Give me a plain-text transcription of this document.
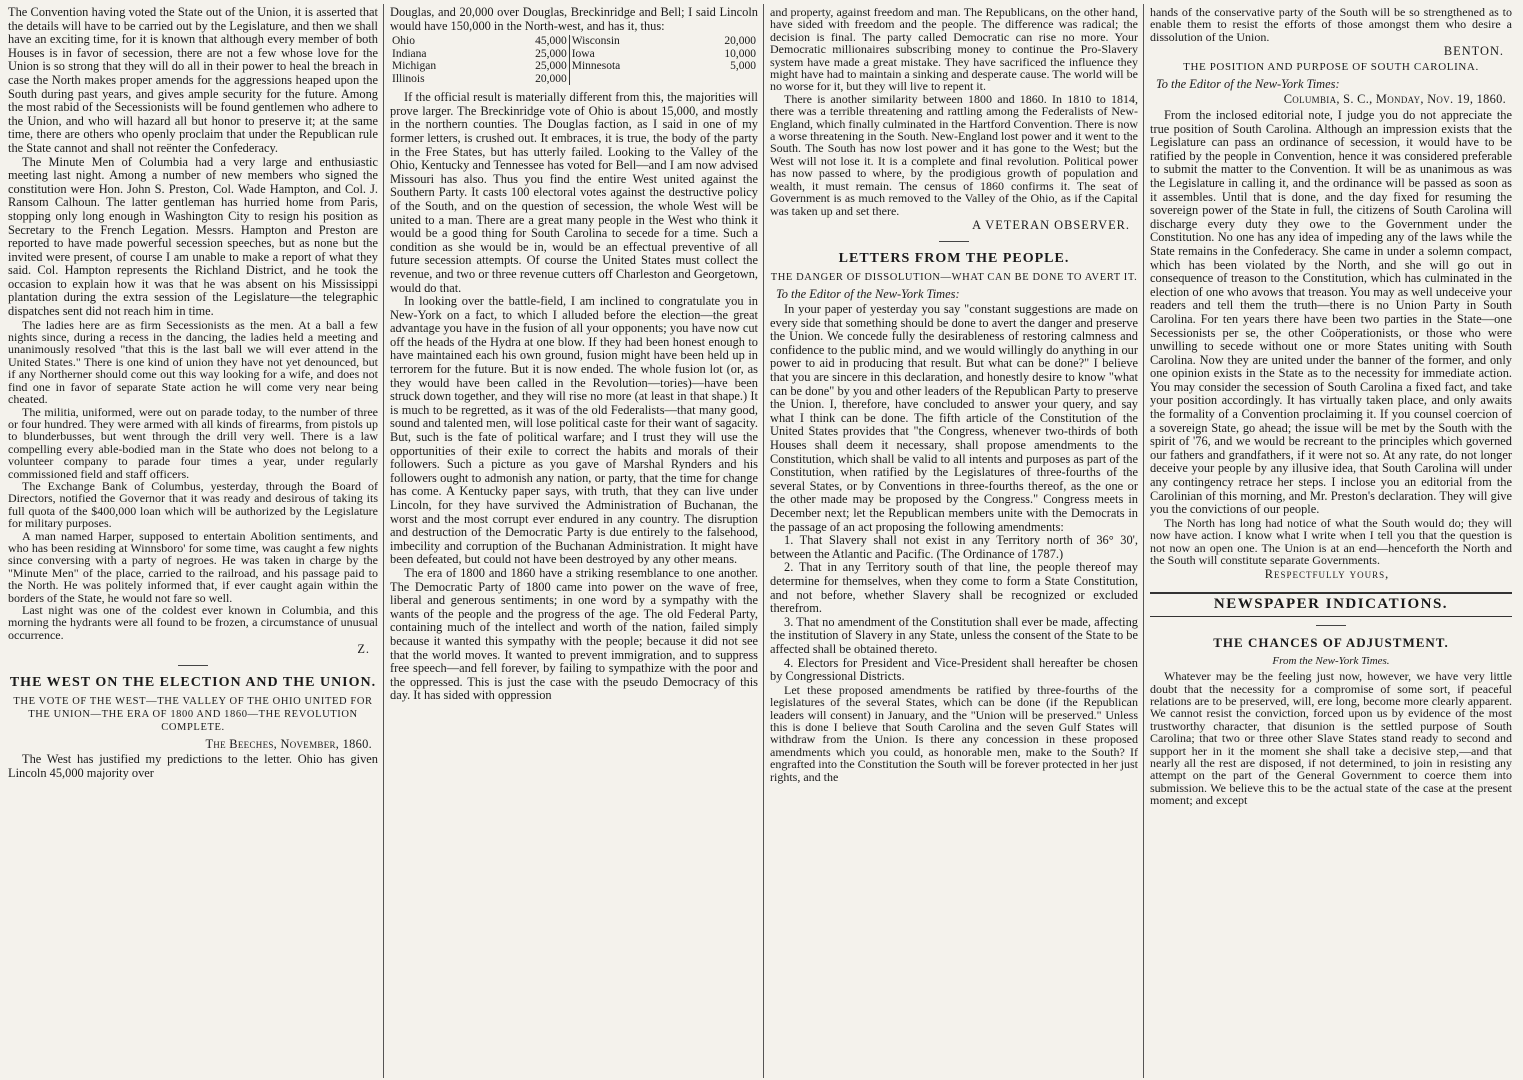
The Convention having voted the State out of the Union, it is asserted that the details will have to be carried out by the Legislature, and then we shall have an exciting time, for it is known that although every member of both Houses is in favor of secession, there are not a few whose love for the Union is so strong that they will do all in their power to heal the breach in case the North makes proper amends for the aggressions heaped upon the South during past years, and gives ample security for the future. Among the most rabid of the Secessionists will be found gentlemen who adhere to the Union, and who will hazard all but honor to preserve it; at the same time, there are others who openly proclaim that under the Republican rule the State cannot and shall not reënter the Confederacy.

The Minute Men of Columbia had a very large and enthusiastic meeting last night. Among a number of new members who signed the constitution were Hon. John S. Preston, Col. Wade Hampton, and Col. J. Ransom Calhoun. The latter gentleman has hurried home from Paris, stopping only long enough in Washington City to resign his position as Secretary to the French Legation. Messrs. Hampton and Preston are reported to have made powerful secession speeches, but as none but the invited were present, of course I am unable to make a report of what they said. Col. Hampton represents the Richland District, and he took the occasion to explain how it was that he was absent on his Mississippi plantation during the extra session of the Legislature—the telegraphic dispatches sent did not reach him in time.

The ladies here are as firm Secessionists as the men. At a ball a few nights since, during a recess in the dancing, the ladies held a meeting and unanimously resolved "that this is the last ball we will ever attend in the United States." There is one kind of union they have not yet denounced, but if any Northerner should come out this way looking for a wife, and does not find one in favor of separate State action he will come very near being cheated.

The militia, uniformed, were out on parade today, to the number of three or four hundred. They were armed with all kinds of firearms, from pistols up to blunderbusses, but went through the drill very well. There is a law compelling every able-bodied man in the State who does not belong to a volunteer company to parade four times a year, under regularly commissioned field and staff officers.

The Exchange Bank of Columbus, yesterday, through the Board of Directors, notified the Governor that it was ready and desirous of taking its full quota of the $400,000 loan which will be authorized by the Legislature for military purposes.

A man named Harper, supposed to entertain Abolition sentiments, and who has been residing at Winnsboro' for some time, was caught a few nights since conversing with a party of negroes. He was taken in charge by the "Minute Men" of the place, carried to the railroad, and his passage paid to the North. He was politely informed that, if ever caught again within the borders of the State, he would not fare so well.

Last night was one of the coldest ever known in Columbia, and this morning the hydrants were all found to be frozen, a circumstance of unusual occurrence.

Z.
THE WEST ON THE ELECTION AND THE UNION.
THE VOTE OF THE WEST—THE VALLEY OF THE OHIO UNITED FOR THE UNION—THE ERA OF 1800 AND 1860—THE REVOLUTION COMPLETE.
The Beeches, November, 1860.

The West has justified my predictions to the letter. Ohio has given Lincoln 45,000 majority over

Douglas, and 20,000 over Douglas, Breckinridge and Bell; I said Lincoln would have 150,000 in the North-west, and has it, thus:

Ohio	45,000	Wisconsin	20,000
Indiana	25,000	Iowa	10,000
Michigan	25,000	Minnesota	5,000
Illinois	20,000		

If the official result is materially different from this, the majorities will prove larger. The Breckinridge vote of Ohio is about 15,000, and mostly in the northern counties. The Douglas faction, as I said in one of my former letters, is crushed out. It embraces, it is true, the body of the party in the Free States, but has utterly failed. Looking to the Valley of the Ohio, Kentucky and Tennessee has voted for Bell—and I am now advised Missouri has also. Thus you find the entire West united against the Southern Party. It casts 100 electoral votes against the destructive policy of the South, and on the question of secession, the whole West will be united to a man. There are a great many people in the West who think it would be a good thing for South Carolina to secede for a time. Such a condition as she would be in, would be an effectual preventive of all future secession attempts. Of course the United States must collect the revenue, and two or three revenue cutters off Charleston and Georgetown, would do that.

In looking over the battle-field, I am inclined to congratulate you in New-York on a fact, to which I alluded before the election—the great advantage you have in the fusion of all your opponents; you have now cut off the heads of the Hydra at one blow. If they had been honest enough to have maintained each his own ground, fusion might have been held up in terrorem for the future. But it is now ended. The whole fusion lot (or, as they would have been called in the Revolution—tories)—have been struck down together, and they will rise no more (at least in that shape.) It is much to be regretted, as it was of the old Federalists—that many good, sound and talented men, will lose political caste for their want of sagacity. But, such is the fate of political warfare; and I trust they will use the opportunities of their exile to correct the habits and morals of their followers. Such a picture as you gave of Marshal Rynders and his followers ought to admonish any nation, or party, that the time for change has come. A Kentucky paper says, with truth, that they can live under Lincoln, for they have survived the Administration of Buchanan, the worst and the most corrupt ever endured in any country. The disruption and destruction of the Democratic Party is due entirely to the falsehood, imbecility and corruption of the Buchanan Administration. It might have been defeated, but could not have been destroyed by any other means.

The era of 1800 and 1860 have a striking resemblance to one another. The Democratic Party of 1800 came into power on the wave of free, liberal and generous sentiments; in one word by a sympathy with the wants of the people and the progress of the age. The old Federal Party, containing much of the intellect and worth of the nation, failed simply because it wanted this sympathy with the people; because it did not see that the world moves. It wanted to prevent immigration, and to suppress free speech—and fell forever, by failing to sympathize with the poor and the oppressed. This is just the case with the pseudo Democracy of this day. It has sided with oppression

and property, against freedom and man. The Republicans, on the other hand, have sided with freedom and the people. The difference was radical; the decision is final. The party called Democratic can rise no more. Your Democratic millionaires subscribing money to continue the Pro-Slavery system have made a great mistake. They have sacrificed the influence they might have had to maintain a sinking and desperate cause. The world will be no worse for it, but they will live to repent it.

There is another similarity between 1800 and 1860. In 1810 to 1814, there was a terrible threatening and rattling among the Federalists of New-England, which finally culminated in the Hartford Convention. There is now a worse threatening in the South. New-England lost power and it went to the South. The South has now lost power and it has gone to the West; but the West will not lose it. It is a complete and final revolution. Political power has now passed to where, by the prodigious growth of population and wealth, it must remain. The census of 1860 confirms it. The seat of Government is as much removed to the Valley of the Ohio, as if the Capital was taken up and set there.

A VETERAN OBSERVER.
LETTERS FROM THE PEOPLE.
THE DANGER OF DISSOLUTION—WHAT CAN BE DONE TO AVERT IT.
To the Editor of the New-York Times:

In your paper of yesterday you say "constant suggestions are made on every side that something should be done to avert the danger and preserve the Union. We concede fully the desirableness of restoring calmness and confidence to the public mind, and we would willingly do anything in our power to aid in producing that result. But what can be done?" I believe that you are sincere in this declaration, and honestly desire to know "what can be done" by you and other leaders of the Republican Party to preserve the Union. I, therefore, have concluded to answer your query, and say what I think can be done. The fifth article of the Constitution of the United States provides that "the Congress, whenever two-thirds of both Houses shall deem it necessary, shall propose amendments to the Constitution, which shall be valid to all intents and purposes as part of the Constitution, when ratified by the Legislatures of three-fourths of the several States, or by Conventions in three-fourths thereof, as the one or the other made may be proposed by the Congress." Congress meets in December next; let the Republican members unite with the Democrats in the passage of an act proposing the following amendments:

1. That Slavery shall not exist in any Territory north of 36° 30', between the Atlantic and Pacific. (The Ordinance of 1787.)

2. That in any Territory south of that line, the people thereof may determine for themselves, when they come to form a State Constitution, and not before, whether Slavery shall be recognized or excluded therefrom.

3. That no amendment of the Constitution shall ever be made, affecting the institution of Slavery in any State, unless the consent of the State to be affected shall be obtained thereto.

4. Electors for President and Vice-President shall hereafter be chosen by Congressional Districts.

Let these proposed amendments be ratified by three-fourths of the legislatures of the several States, which can be done (if the Republican leaders will consent) in January, and the "Union will be preserved." Unless this is done I believe that South Carolina and the seven Gulf States will withdraw from the Union. Is there any concession in these proposed amendments which you could, as honorable men, make to the South? If engrafted into the Constitution the South will be forever protected in her just rights, and the

hands of the conservative party of the South will be so strengthened as to enable them to resist the efforts of those amongst them who desire a dissolution of the Union.

BENTON.
THE POSITION AND PURPOSE OF SOUTH CAROLINA.
To the Editor of the New-York Times:
Columbia, S. C., Monday, Nov. 19, 1860.

From the inclosed editorial note, I judge you do not appreciate the true position of South Carolina. Although an impression exists that the Legislature can pass an ordinance of secession, it would have to be ratified by the people in Convention, hence it was considered preferable to submit the matter to the Convention. It will be as unanimous as was the Legislature in calling it, and the ordinance will be passed as soon as it assembles. Until that is done, and the day fixed for resuming the sovereign power of the State in full, the citizens of South Carolina will discharge every duty they owe to the Government under the Constitution. No one has any idea of impeding any of the laws while the State remains in the Confederacy. She came in under a solemn compact, which has been violated by the North, and she will go out in consequence of treason to the Constitution, which has culminated in the election of one who avows that treason. You may as well undeceive your readers and tell them the truth—there is no Union Party in South Carolina. For ten years there have been two parties in the State—one Secessionists per se, the other Coöperationists, or those who were unwilling to secede without one or more States uniting with South Carolina. Now they are united under the banner of the former, and only one opinion exists in the State as to the necessity for immediate action. You may consider the secession of South Carolina a fixed fact, and take your position accordingly. It has virtually taken place, and only awaits the formality of a Convention proclaiming it. If you counsel coercion of a sovereign State, go ahead; the issue will be met by the South with the spirit of '76, and we would be recreant to the principles which governed our fathers and grandfathers, if it were not so. At any rate, do not longer deceive your people by any illusive idea, that South Carolina will under any contingency retrace her steps. I inclose you an editorial from the Carolinian of this morning, and Mr. Preston's declaration. They will give you the convictions of our people.

The North has long had notice of what the South would do; they will now have action. I know what I write when I tell you that the question is not now an open one. The Union is at an end—henceforth the North and the South will constitute separate Governments.

Respectfully yours,
NEWSPAPER INDICATIONS.
THE CHANCES OF ADJUSTMENT.
From the New-York Times.

Whatever may be the feeling just now, however, we have very little doubt that the necessity for a compromise of some sort, if peaceful relations are to be preserved, will, ere long, become more clearly apparent. We cannot resist the conviction, forced upon us by evidence of the most trustworthy character, that disunion is the settled purpose of South Carolina; that two or three other Slave States stand ready to second and support her in it the moment she shall take a decisive step,—and that nearly all the rest are disposed, if not determined, to join in resisting any attempt on the part of the General Government to coerce them into submission. We believe this to be the actual state of the case at the present moment; and except
